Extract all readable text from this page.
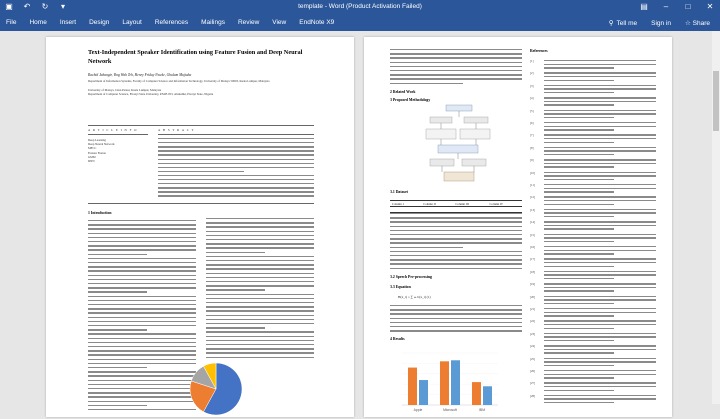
▣ ↶ ↻	▾	template - Word (Product Activation Failed)	▤	–	□	✕
File Home Insert Design Layout References Mailings Review View EndNote X9	⚲ Tell me Sign in ☆ Share
Text-Independent Speaker Identification using Feature Fusion and Deep Neural Network
Rachid Jahangir, Ying Wah Teh, Henry Friday Nweke, Ghulam Mujtaba
Department of Information Systems, Faculty of Computer Science and Information Technology, University of Malaya 50603, Kuala Lumpur, Malaysia
University of Malaya, Jalan Pantai, Kuala Lumpur, Malaysia
Department of Computer Science, Ebonyi State University, P.M.B 053, Abakaliki, Ebonyi State, Nigeria
A R T I C L E I N F O	A B S T R A C T
Deep Learning
Deep Neural Network
MFCC
Feature Fusion
GMM
DNN
1 Introduction
2 Related Work
3 Proposed Methodology
3.1 Dataset
Column 1	Column II	Column III	Column IV

3.2 Speech Pre-processing
3.3 Equation
H(x_t) = ∑ ωᵢ b(x_t) (1)
4 Results
Apple	Microsoft	IBM
References
[1]
[2]
[3]
[4]
[5]
[6]
[7]
[8]
[9]
[10]
[11]
[12]
[13]
[14]
[15]
[16]
[17]
[18]
[19]
[20]
[21]
[22]
[23]
[24]
[25]
[26]
[27]
[28]
